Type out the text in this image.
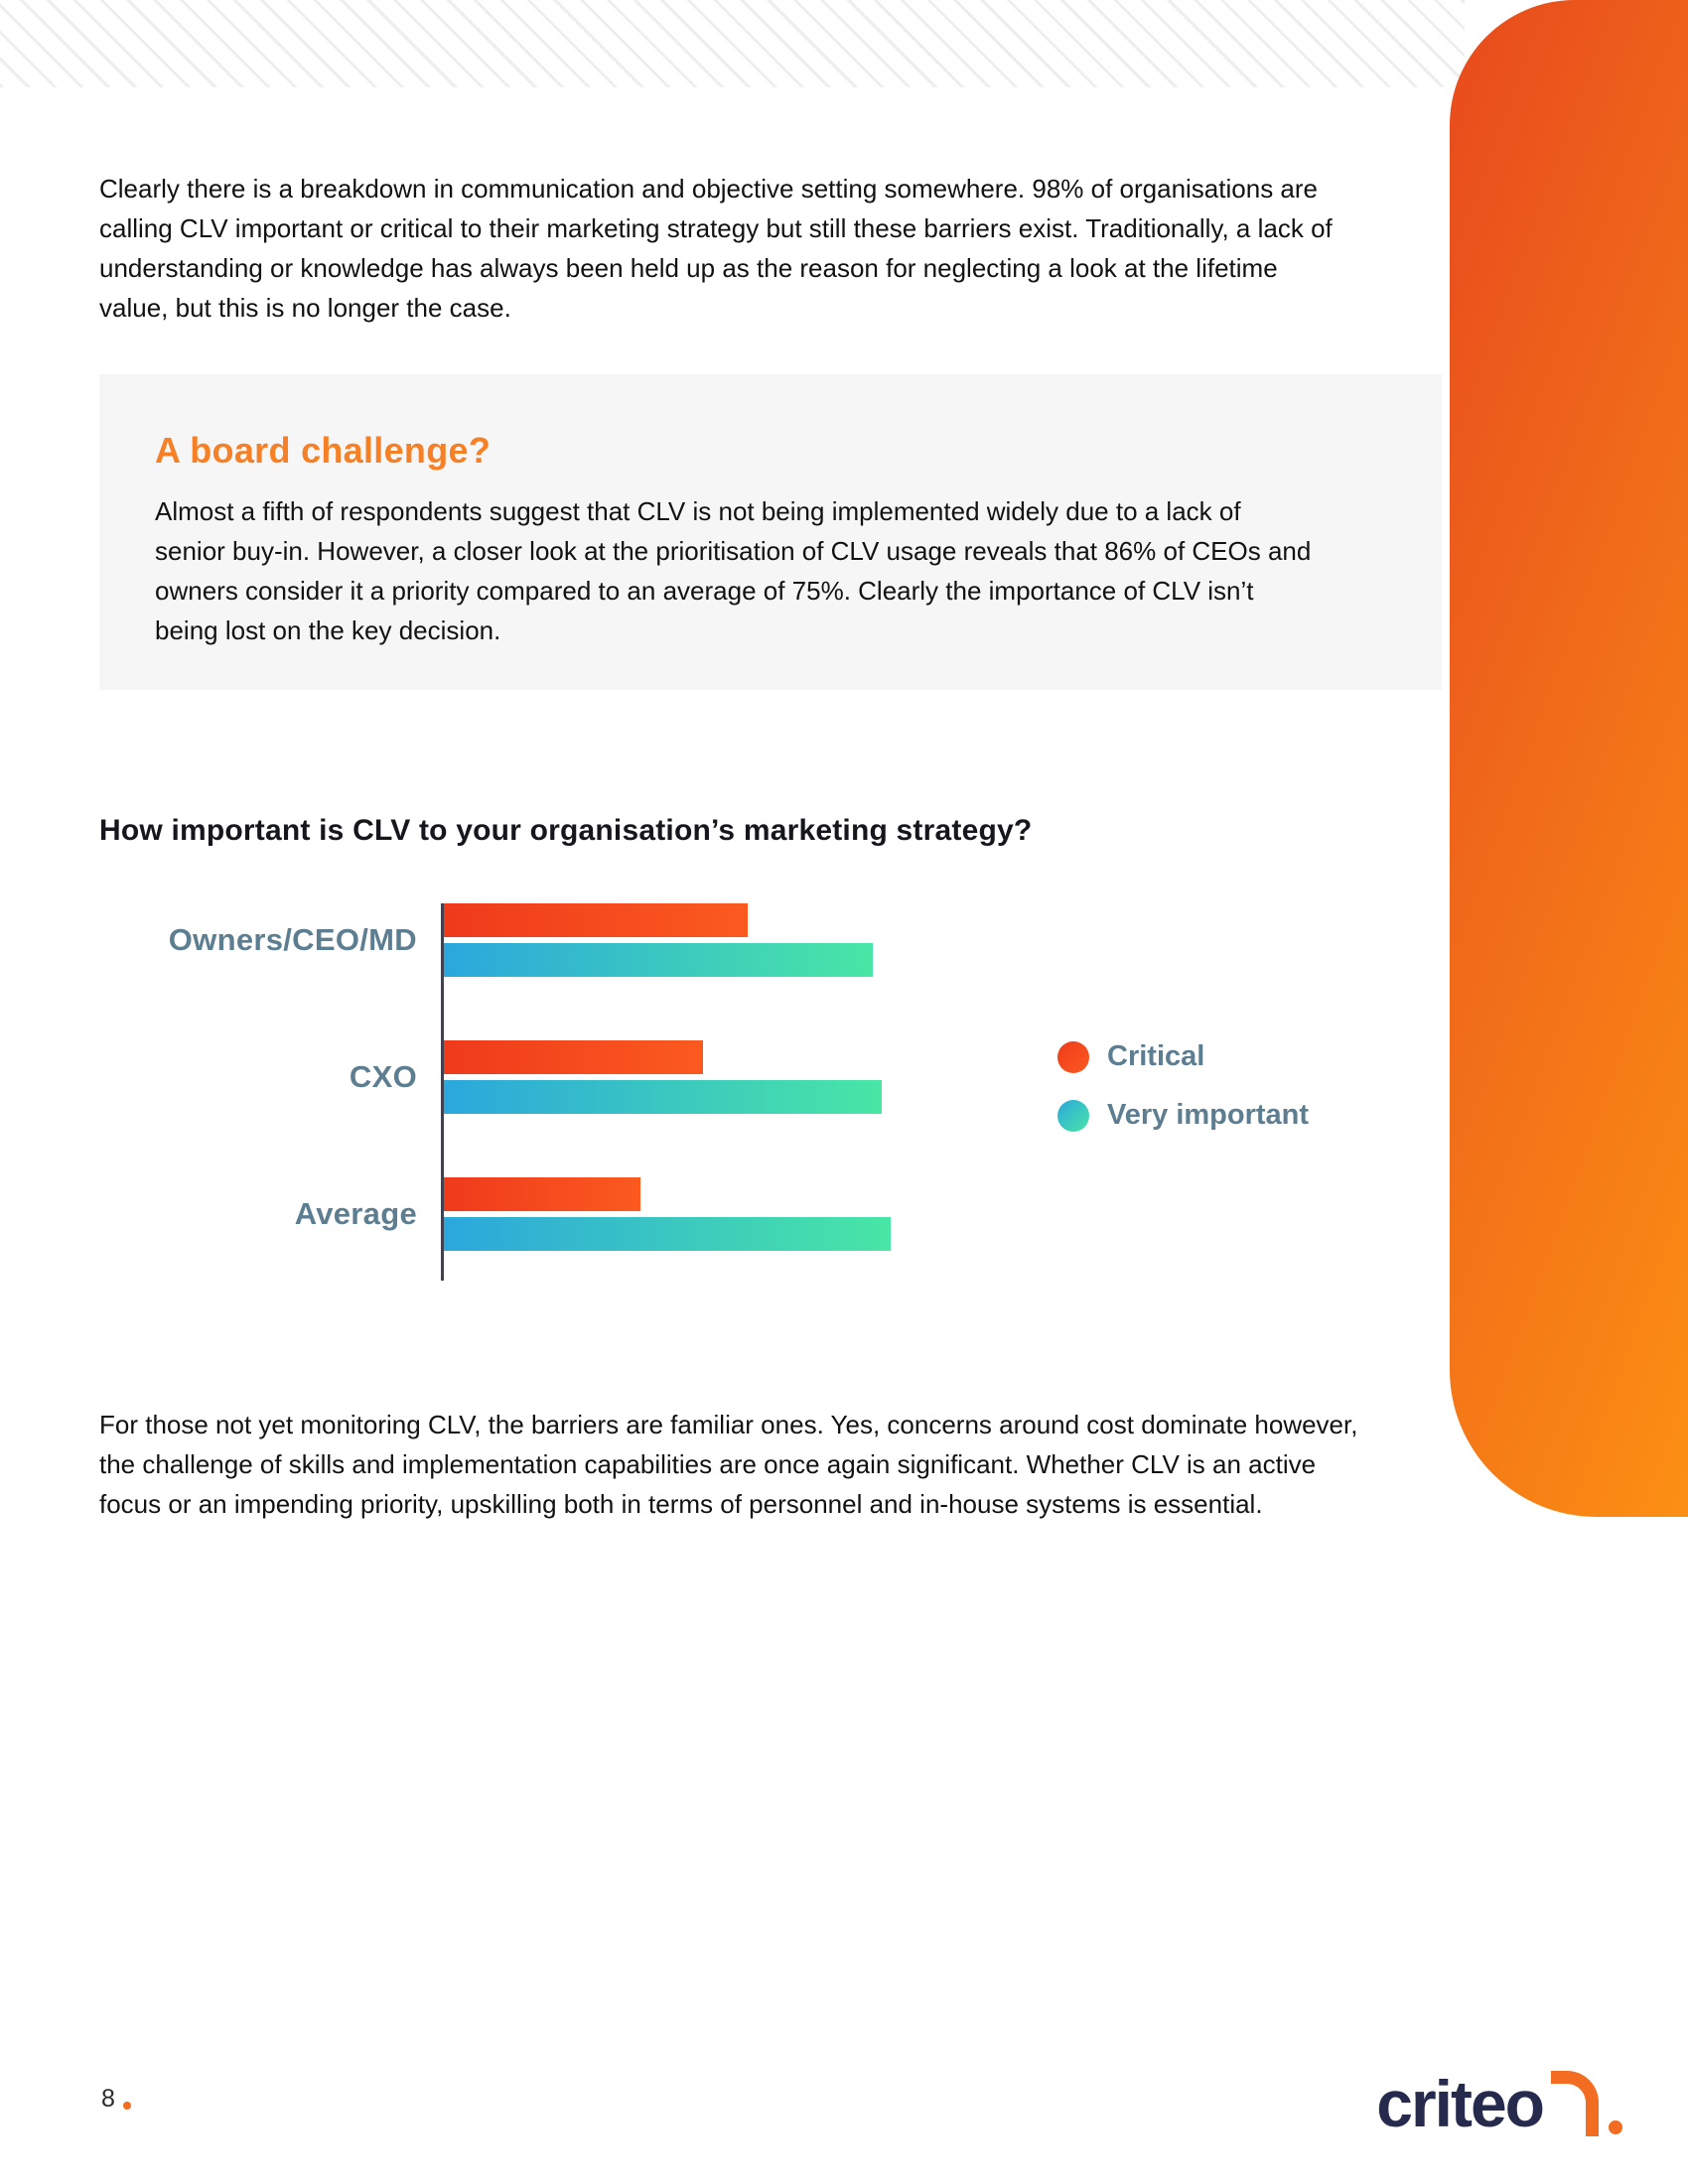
Clearly there is a breakdown in communication and objective setting somewhere. 98% of organisations are calling CLV important or critical to their marketing strategy but still these barriers exist. Traditionally, a lack of understanding or knowledge has always been held up as the reason for neglecting a look at the lifetime value, but this is no longer the case.

A board challenge?

Almost a fifth of respondents suggest that CLV is not being implemented widely due to a lack of senior buy-in. However, a closer look at the prioritisation of CLV usage reveals that 86% of CEOs and owners consider it a priority compared to an average of 75%. Clearly the importance of CLV isn’t being lost on the key decision.

How important is CLV to your organisation’s marketing strategy?
Owners/CEO/MD
CXO
Average
Critical
Very important

For those not yet monitoring CLV, the barriers are familiar ones. Yes, concerns around cost dominate however, the challenge of skills and implementation capabilities are once again significant. Whether CLV is an active focus or an impending priority, upskilling both in terms of personnel and in-house systems is essential.

8	criteo
